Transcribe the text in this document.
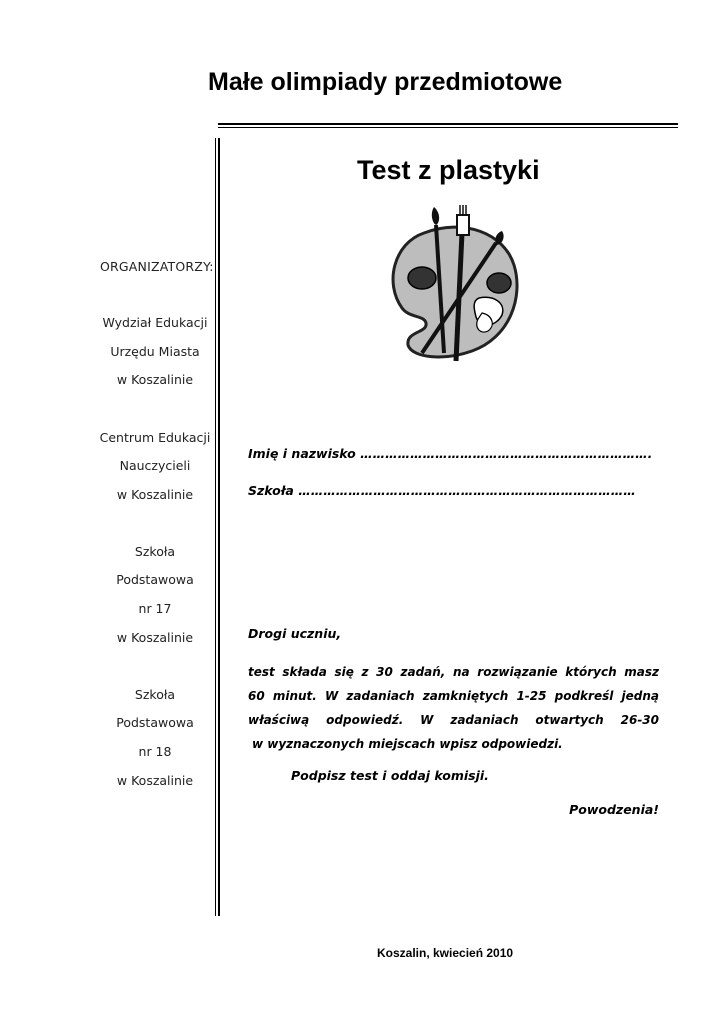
Małe olimpiady przedmiotowe
ORGANIZATORZY:
Wydział Edukacji
Urzędu Miasta
w Koszalinie
Centrum Edukacji
Nauczycieli
w Koszalinie
Szkoła
Podstawowa
nr 17
w Koszalinie
Szkoła
Podstawowa
nr 18
w Koszalinie
Test z plastyki
Imię i nazwisko …………………………………………………………….
Szkoła ………………………………………………………………………
Drogi uczniu,
test składa się z 30 zadań, na rozwiązanie których masz
60 minut. W zadaniach zamkniętych 1-25 podkreśl jedną
właściwą odpowiedź. W zadaniach otwartych 26-30
w wyznaczonych miejscach wpisz odpowiedzi.
Podpisz test i oddaj komisji.
Powodzenia!
Koszalin, kwiecień 2010
